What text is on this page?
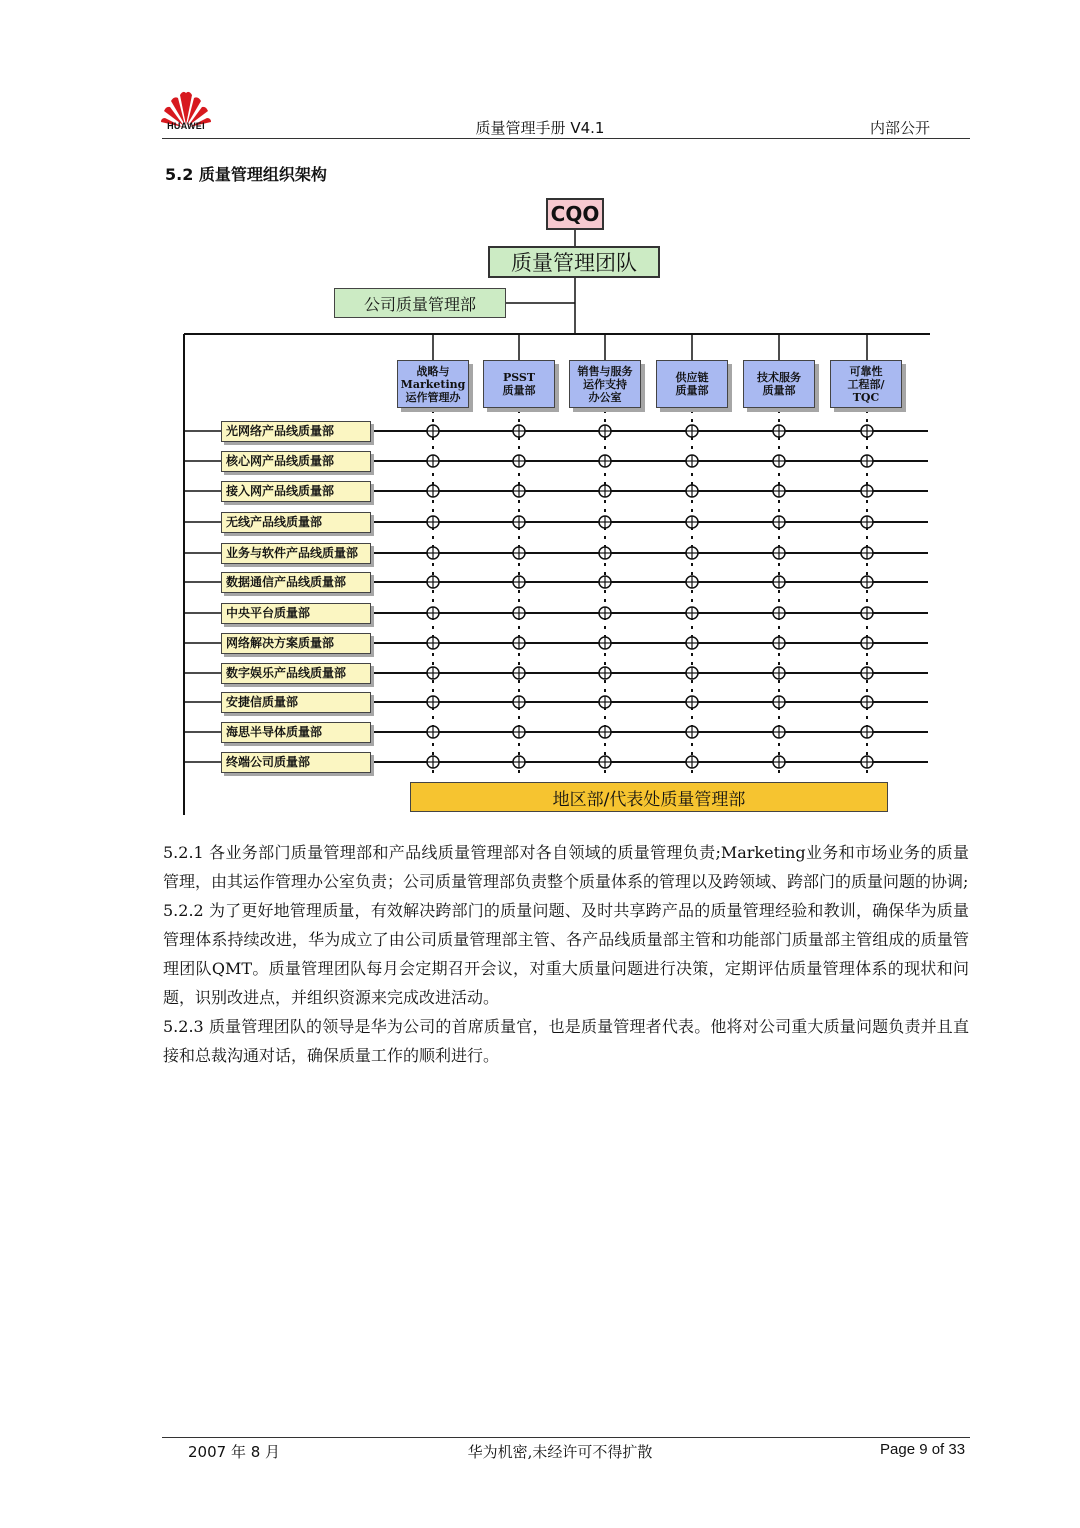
HUAWEI	质量管理手册 V4.1	内部公开
5.2 质量管理组织架构
CQO
质量管理团队
公司质量管理部
战略与
Marketing
运作管理办
PSST
质量部
销售与服务
运作支持
办公室
供应链
质量部
技术服务
质量部
可靠性
工程部/
TQC
光网络产品线质量部
核心网产品线质量部
接入网产品线质量部
无线产品线质量部
业务与软件产品线质量部
数据通信产品线质量部
中央平台质量部
网络解决方案质量部
数字娱乐产品线质量部
安捷信质量部
海思半导体质量部
终端公司质量部
地区部/代表处质量管理部

5.2.1 各业务部门质量管理部和产品线质量管理部对各自领域的质量管理负责;Marketing业务和市场业务的质量管理，由其运作管理办公室负责；公司质量管理部负责整个质量体系的管理以及跨领域、跨部门的质量问题的协调;

5.2.2 为了更好地管理质量，有效解决跨部门的质量问题、及时共享跨产品的质量管理经验和教训，确保华为质量管理体系持续改进，华为成立了由公司质量管理部主管、各产品线质量部主管和功能部门质量部主管组成的质量管理团队QMT。质量管理团队每月会定期召开会议，对重大质量问题进行决策，定期评估质量管理体系的现状和问题，识别改进点，并组织资源来完成改进活动。

5.2.3 质量管理团队的领导是华为公司的首席质量官，也是质量管理者代表。他将对公司重大质量问题负责并且直接和总裁沟通对话，确保质量工作的顺利进行。

2007 年 8 月	华为机密,未经许可不得扩散	Page 9 of 33
